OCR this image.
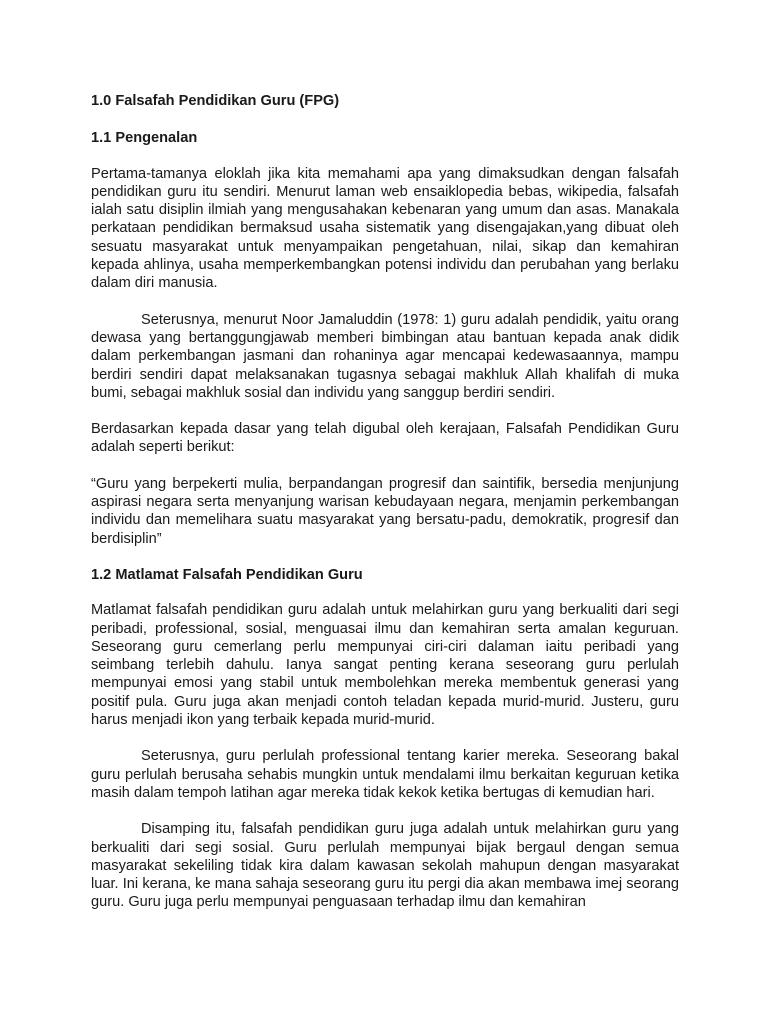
1.0 Falsafah Pendidikan Guru (FPG)
1.1 Pengenalan

Pertama-tamanya eloklah jika kita memahami apa yang dimaksudkan dengan falsafah pendidikan guru itu sendiri. Menurut laman web ensaiklopedia bebas, wikipedia, falsafah ialah satu disiplin ilmiah yang mengusahakan kebenaran yang umum dan asas. Manakala perkataan pendidikan bermaksud usaha sistematik yang disengajakan,yang dibuat oleh sesuatu masyarakat untuk menyampaikan pengetahuan, nilai, sikap dan kemahiran kepada ahlinya, usaha memperkembangkan potensi individu dan perubahan yang berlaku dalam diri manusia.

Seterusnya, menurut Noor Jamaluddin (1978: 1) guru adalah pendidik, yaitu orang dewasa yang bertanggungjawab memberi bimbingan atau bantuan kepada anak didik dalam perkembangan jasmani dan rohaninya agar mencapai kedewasaannya, mampu berdiri sendiri dapat melaksanakan tugasnya sebagai makhluk Allah khalifah di muka bumi, sebagai makhluk sosial dan individu yang sanggup berdiri sendiri.

Berdasarkan kepada dasar yang telah digubal oleh kerajaan, Falsafah Pendidikan Guru adalah seperti berikut:

“Guru yang berpekerti mulia, berpandangan progresif dan saintifik, bersedia menjunjung aspirasi negara serta menyanjung warisan kebudayaan negara, menjamin perkembangan individu dan memelihara suatu masyarakat yang bersatu-padu, demokratik, progresif dan berdisiplin”

1.2 Matlamat Falsafah Pendidikan Guru

Matlamat falsafah pendidikan guru adalah untuk melahirkan guru yang berkualiti dari segi peribadi, professional, sosial, menguasai ilmu dan kemahiran serta amalan keguruan. Seseorang guru cemerlang perlu mempunyai ciri-ciri dalaman iaitu peribadi yang seimbang terlebih dahulu. Ianya sangat penting kerana seseorang guru perlulah mempunyai emosi yang stabil untuk membolehkan mereka membentuk generasi yang positif pula. Guru juga akan menjadi contoh teladan kepada murid-murid. Justeru, guru harus menjadi ikon yang terbaik kepada murid-murid.

Seterusnya, guru perlulah professional tentang karier mereka. Seseorang bakal guru perlulah berusaha sehabis mungkin untuk mendalami ilmu berkaitan keguruan ketika masih dalam tempoh latihan agar mereka tidak kekok ketika bertugas di kemudian hari.

Disamping itu, falsafah pendidikan guru juga adalah untuk melahirkan guru yang berkualiti dari segi sosial. Guru perlulah mempunyai bijak bergaul dengan semua masyarakat sekeliling tidak kira dalam kawasan sekolah mahupun dengan masyarakat luar. Ini kerana, ke mana sahaja seseorang guru itu pergi dia akan membawa imej seorang guru. Guru juga perlu mempunyai penguasaan terhadap ilmu dan kemahiran
